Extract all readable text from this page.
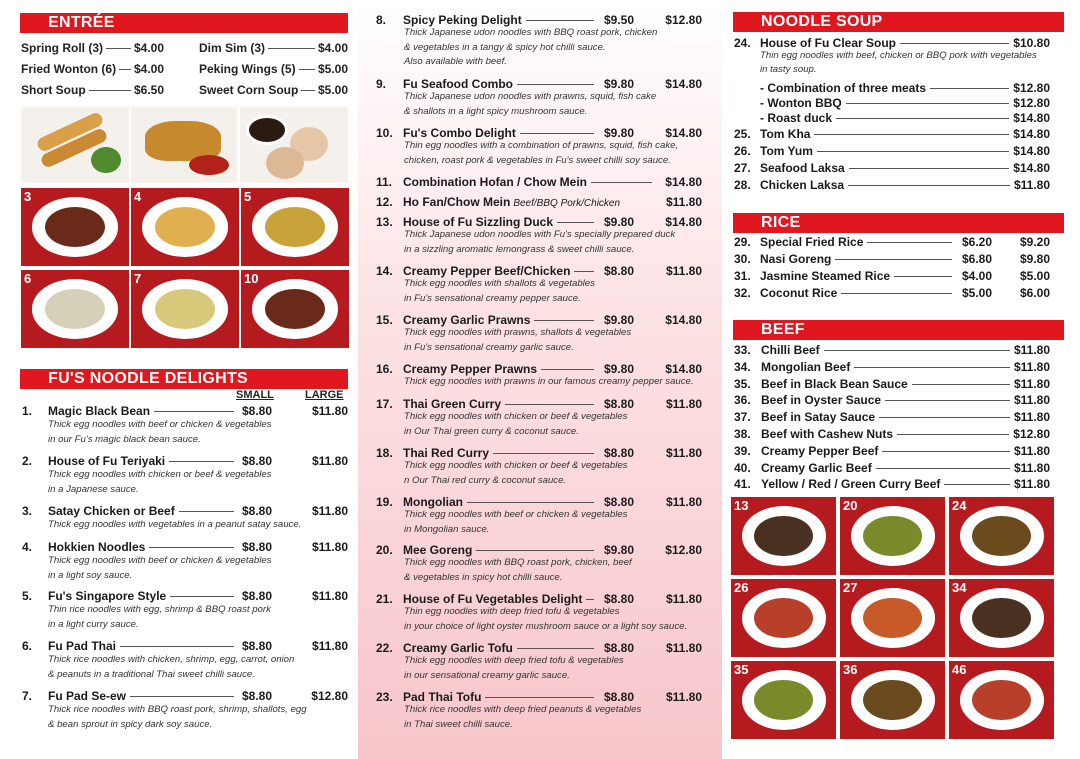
ENTRÉE
Spring Roll (3)	$4.00	Dim Sim (3)	$4.00
Fried Wonton (6) $4.00	Peking Wings (5) $5.00
Short Soup	$6.50	Sweet Corn Soup $5.00
3	4	5
6	7	10
FU'S NOODLE DELIGHTS
SMALL	LARGE
1.	Magic Black Bean	$8.80	$11.80
Thick egg noodles with beef or chicken & vegetables
in our Fu's magic black bean sauce.
2.	House of Fu Teriyaki	$8.80	$11.80
Thick egg noodles with chicken or beef & vegetables
in a Japanese sauce.
3.	Satay Chicken or Beef	$8.80	$11.80
Thick egg noodles with vegetables in a peanut satay sauce.
4.	Hokkien Noodles	$8.80	$11.80
Thick egg noodles with beef or chicken & vegetables
in a light soy sauce.
5.	Fu's Singapore Style	$8.80	$11.80
Thin rice noodles with egg, shrimp & BBQ roast pork
in a light curry sauce.
6.	Fu Pad Thai	$8.80	$11.80
Thick rice noodles with chicken, shrimp, egg, carrot, onion
& peanuts in a traditional Thai sweet chilli sauce.
7.	Fu Pad Se-ew	$8.80	$12.80
Thick rice noodles with BBQ roast pork, shrimp, shallots, egg
& bean sprout in spicy dark soy sauce.
8.	Spicy Peking Delight	$9.50	$12.80
Thick Japanese udon noodles with BBQ roast pork, chicken
& vegetables in a tangy & spicy hot chilli sauce.
Also available with beef.
9.	Fu Seafood Combo	$9.80	$14.80
Thick Japanese udon noodles with prawns, squid, fish cake
& shallots in a light spicy mushroom sauce.
10. Fu's Combo Delight	$9.80	$14.80
Thin egg noodles with a combination of prawns, squid, fish cake,
chicken, roast pork & vegetables in Fu's sweet chilli soy sauce.
11. Combination Hofan / Chow Mein	$14.80
12. Ho Fan/Chow Mein Beef/BBQ Pork/Chicken	$11.80
13. House of Fu Sizzling Duck	$9.80	$14.80
Thick Japanese udon noodles with Fu's specially prepared duck
in a sizzling aromatic lemongrass & sweet chilli sauce.
14. Creamy Pepper Beef/Chicken	$8.80	$11.80
Thick egg noodles with shallots & vegetables
in Fu's sensational creamy pepper sauce.
15. Creamy Garlic Prawns	$9.80	$14.80
Thick egg noodles with prawns, shallots & vegetables
in Fu's sensational creamy garlic sauce.
16. Creamy Pepper Prawns	$9.80	$14.80
Thick egg noodles with prawns in our famous creamy pepper sauce.
17. Thai Green Curry	$8.80	$11.80
Thick egg noodles with chicken or beef & vegetables
in Our Thai green curry & coconut sauce.
18. Thai Red Curry	$8.80	$11.80
Thick egg noodles with chicken or beef & vegetables
n Our Thai red curry & coconut sauce.
19. Mongolian	$8.80	$11.80
Thick egg noodles with beef or chicken & vegetables
in Mongolian sauce.
20. Mee Goreng	$9.80	$12.80
Thick egg noodles with BBQ roast pork, chicken, beef
& vegetables in spicy hot chilli sauce.
21. House of Fu Vegetables Delight	$8.80	$11.80
Thin egg noodles with deep fried tofu & vegetables
in your choice of light oyster mushroom sauce or a light soy sauce.
22. Creamy Garlic Tofu	$8.80	$11.80
Thick egg noodles with deep fried tofu & vegetables
in our sensational creamy garlic sauce.
23. Pad Thai Tofu	$8.80	$11.80
Thick rice noodles with deep fried peanuts & vegetables
in Thai sweet chilli sauce.
NOODLE SOUP
24. House of Fu Clear Soup	$10.80
Thin egg noodles with beef, chicken or BBQ pork with vegetables
in tasty soup.
- Combination of three meats	$12.80
- Wonton BBQ	$12.80
- Roast duck	$14.80
25. Tom Kha	$14.80
26. Tom Yum	$14.80
27. Seafood Laksa	$14.80
28. Chicken Laksa	$11.80
RICE
29. Special Fried Rice	$6.20	$9.20
30. Nasi Goreng	$6.80	$9.80
31. Jasmine Steamed Rice	$4.00	$5.00
32. Coconut Rice	$5.00	$6.00
BEEF
33. Chilli Beef	$11.80
34. Mongolian Beef	$11.80
35. Beef in Black Bean Sauce	$11.80
36. Beef in Oyster Sauce	$11.80
37. Beef in Satay Sauce	$11.80
38. Beef with Cashew Nuts	$12.80
39. Creamy Pepper Beef	$11.80
40. Creamy Garlic Beef	$11.80
41. Yellow / Red / Green Curry Beef	$11.80
13	20	24
26	27	34
35	36	46
